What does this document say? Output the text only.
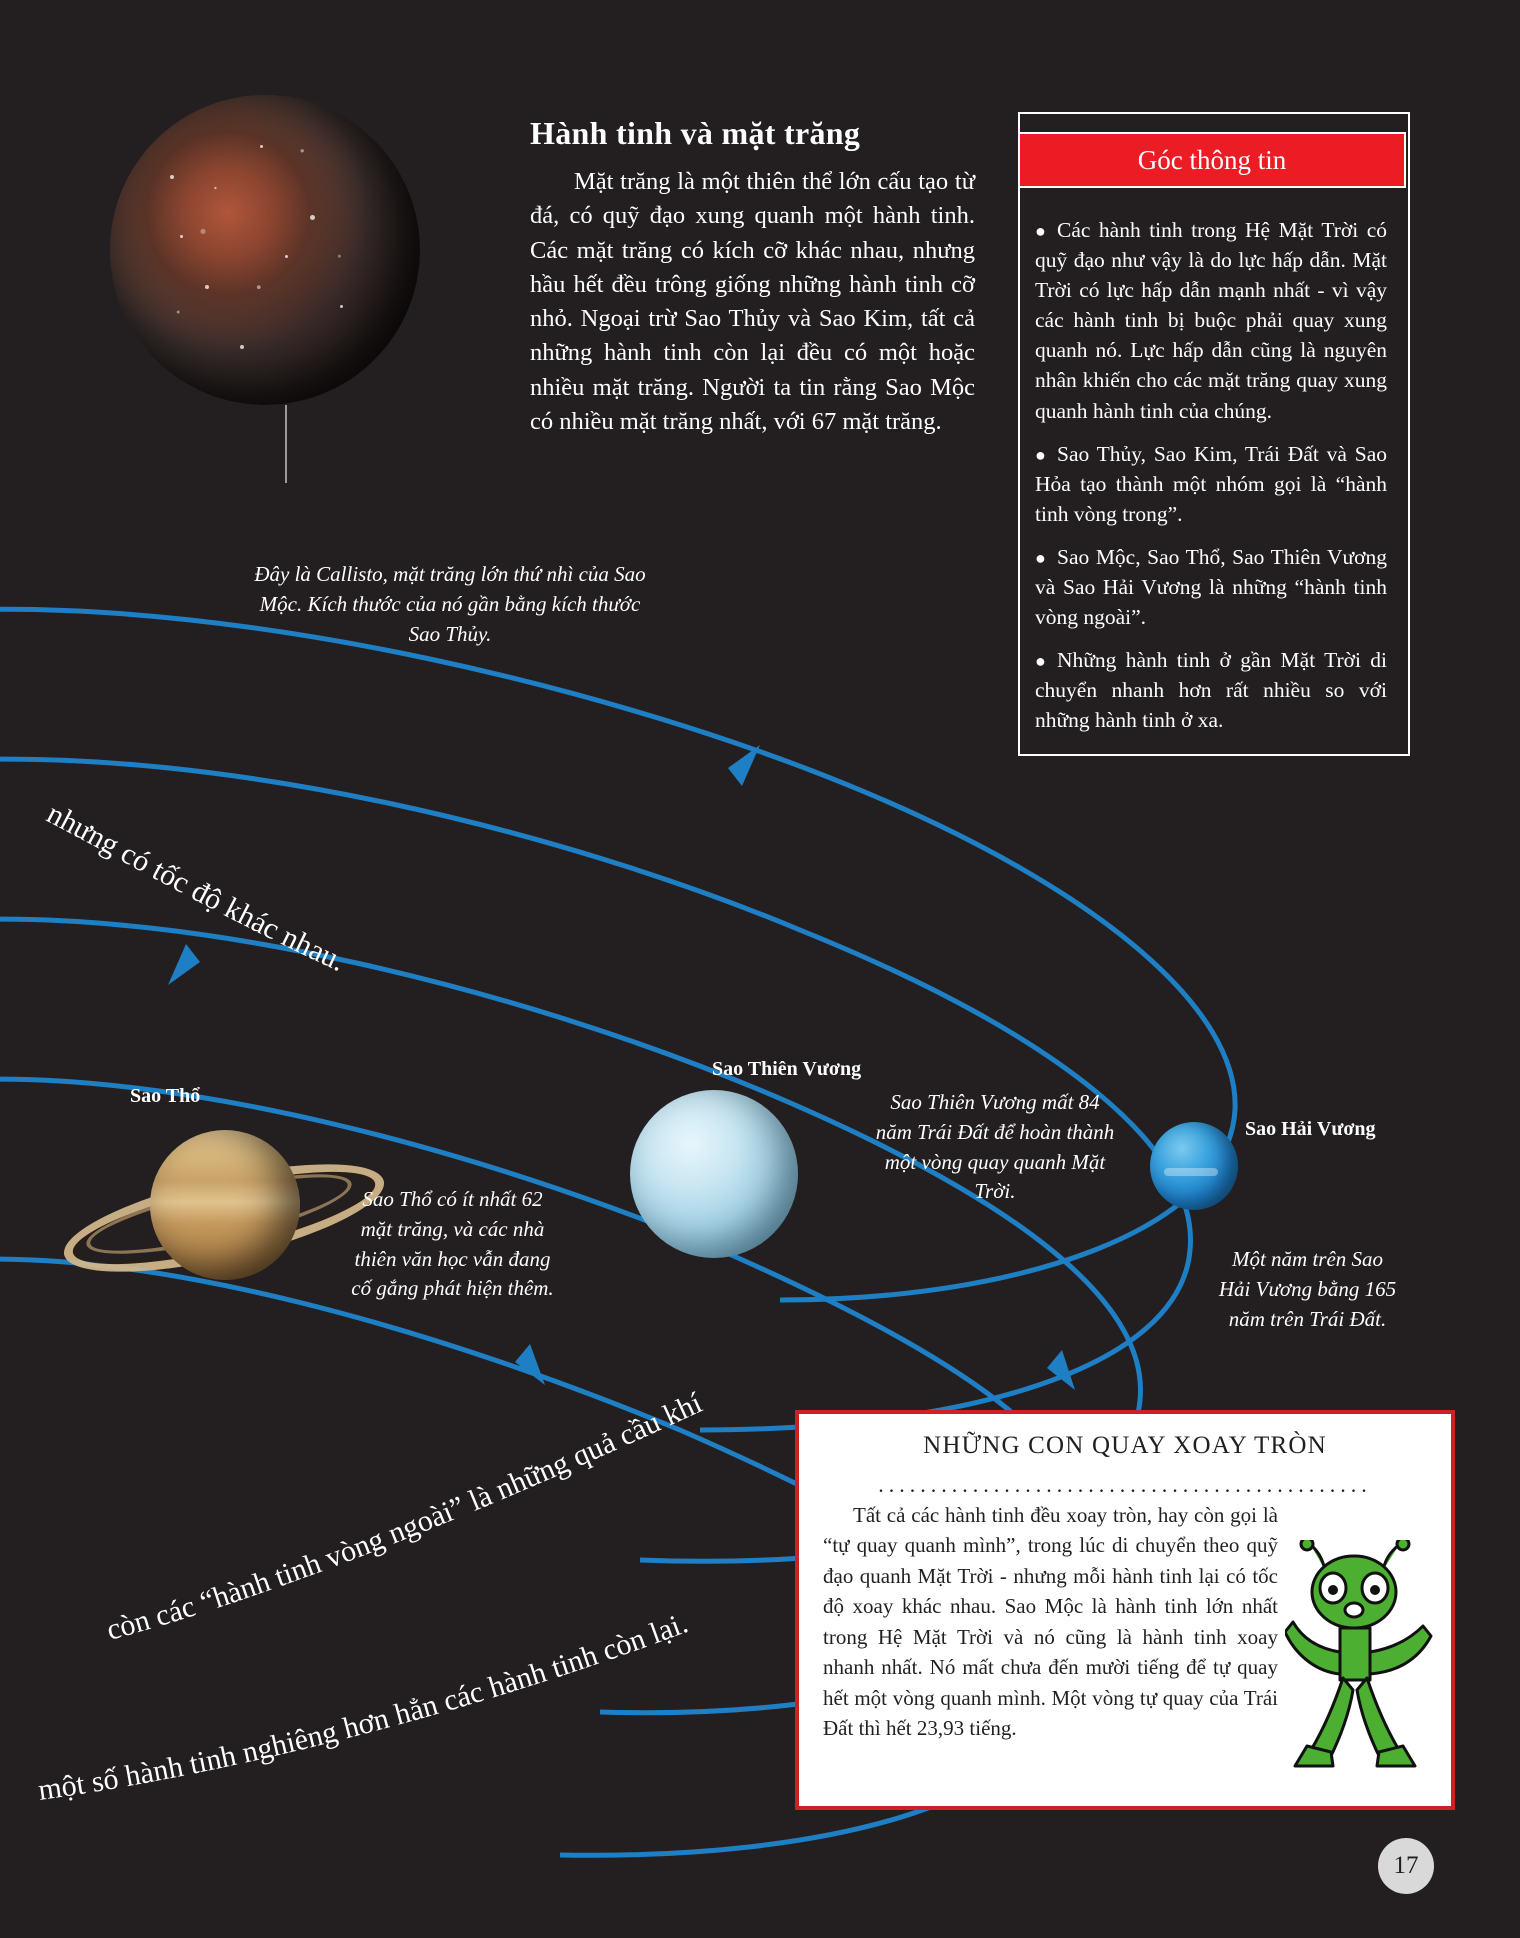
nhưng có tốc độ khác nhau.
còn các “hành tinh vòng ngoài” là những quả cầu khí
một số hành tinh nghiêng hơn hẳn các hành tinh còn lại.
Đây là Callisto, mặt trăng lớn thứ nhì của Sao Mộc. Kích thước của nó gần bằng kích thước Sao Thủy.
Hành tinh và mặt trăng
Mặt trăng là một thiên thể lớn cấu tạo từ đá, có quỹ đạo xung quanh một hành tinh. Các mặt trăng có kích cỡ khác nhau, nhưng hầu hết đều trông giống những hành tinh cỡ nhỏ. Ngoại trừ Sao Thủy và Sao Kim, tất cả những hành tinh còn lại đều có một hoặc nhiều mặt trăng. Người ta tin rằng Sao Mộc có nhiều mặt trăng nhất, với 67 mặt trăng.
Góc thông tin

● Các hành tinh trong Hệ Mặt Trời có quỹ đạo như vậy là do lực hấp dẫn. Mặt Trời có lực hấp dẫn mạnh nhất - vì vậy các hành tinh bị buộc phải quay xung quanh nó. Lực hấp dẫn cũng là nguyên nhân khiến cho các mặt trăng quay xung quanh hành tinh của chúng.

● Sao Thủy, Sao Kim, Trái Đất và Sao Hỏa tạo thành một nhóm gọi là “hành tinh vòng trong”.

● Sao Mộc, Sao Thổ, Sao Thiên Vương và Sao Hải Vương là những “hành tinh vòng ngoài”.

● Những hành tinh ở gần Mặt Trời di chuyển nhanh hơn rất nhiều so với những hành tinh ở xa.

Sao Thổ
Sao Thổ có ít nhất 62 mặt trăng, và các nhà thiên văn học vẫn đang cố gắng phát hiện thêm.
Sao Thiên Vương
Sao Thiên Vương mất 84 năm Trái Đất để hoàn thành một vòng quay quanh Mặt Trời.
Sao Hải Vương
Một năm trên Sao Hải Vương bằng 165 năm trên Trái Đất.
NHỮNG CON QUAY XOAY TRÒN
...............................................
Tất cả các hành tinh đều xoay tròn, hay còn gọi là “tự quay quanh mình”, trong lúc di chuyển theo quỹ đạo quanh Mặt Trời - nhưng mỗi hành tinh lại có tốc độ xoay khác nhau. Sao Mộc là hành tinh lớn nhất trong Hệ Mặt Trời và nó cũng là hành tinh xoay nhanh nhất. Nó mất chưa đến mười tiếng để tự quay hết một vòng quanh mình. Một vòng tự quay của Trái Đất thì hết 23,93 tiếng.
17
